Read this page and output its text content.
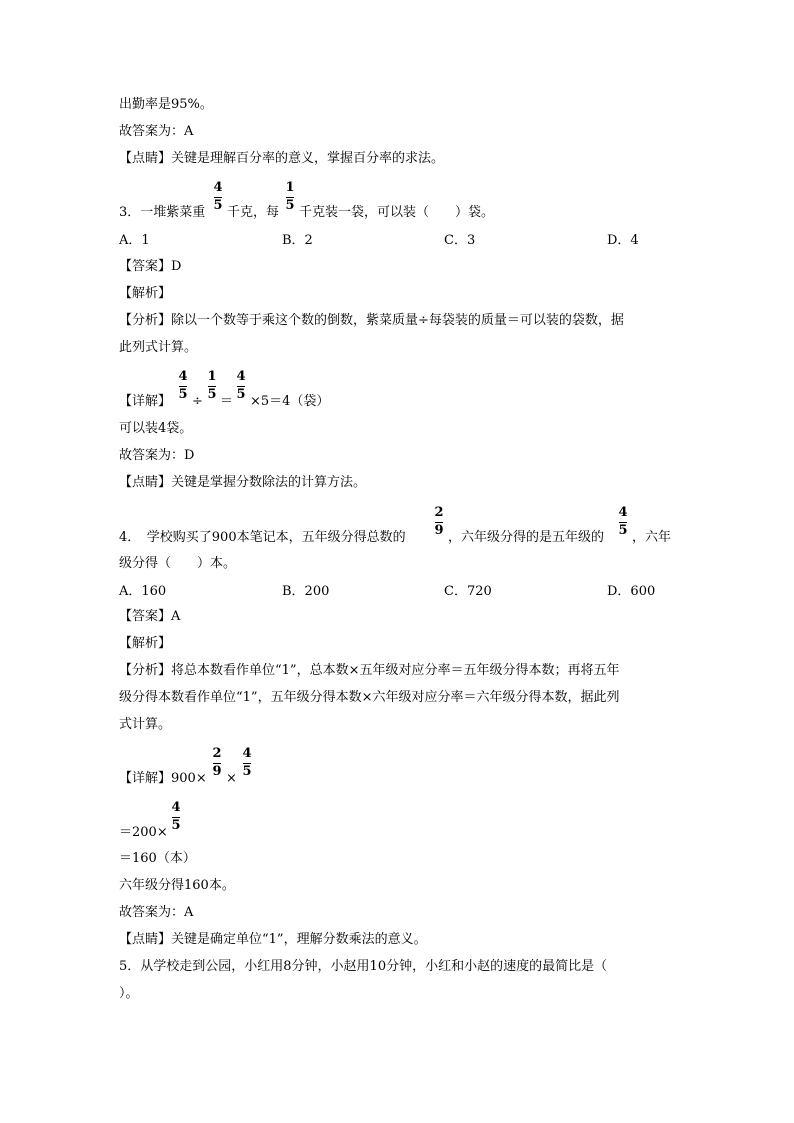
出勤率是95%。
故答案为：A
【点睛】关键是理解百分率的意义，掌握百分率的求法。
3．一堆紫菜重
4
5 千克，每
1
5 千克装一袋，可以装（　　）袋。
A．1	B．2	C．3	D．4
【答案】D
【解析】
【分析】除以一个数等于乘这个数的倒数，紫菜质量÷每袋装的质量＝可以装的袋数，据
此列式计算。
【详解】
4
5 ÷
1
5 ＝
4
5 ×5＝4（袋）
可以装4袋。
故答案为：D
【点睛】关键是掌握分数除法的计算方法。
4．　学校购买了900本笔记本，五年级分得总数的
2
9 ，六年级分得的是五年级的
4
5 ，六年
级分得（　　）本。
A．160	B．200	C．720	D．600
【答案】A
【解析】
【分析】将总本数看作单位“1”，总本数×五年级对应分率＝五年级分得本数；再将五年
级分得本数看作单位“1”，五年级分得本数×六年级对应分率＝六年级分得本数，据此列
式计算。
【详解】900×
2
9 ×
4
5
＝200×
4
5
＝160（本）
六年级分得160本。
故答案为：A
【点睛】关键是确定单位“1”，理解分数乘法的意义。
5．从学校走到公园，小红用8分钟，小赵用10分钟，小红和小赵的速度的最简比是（
）。
